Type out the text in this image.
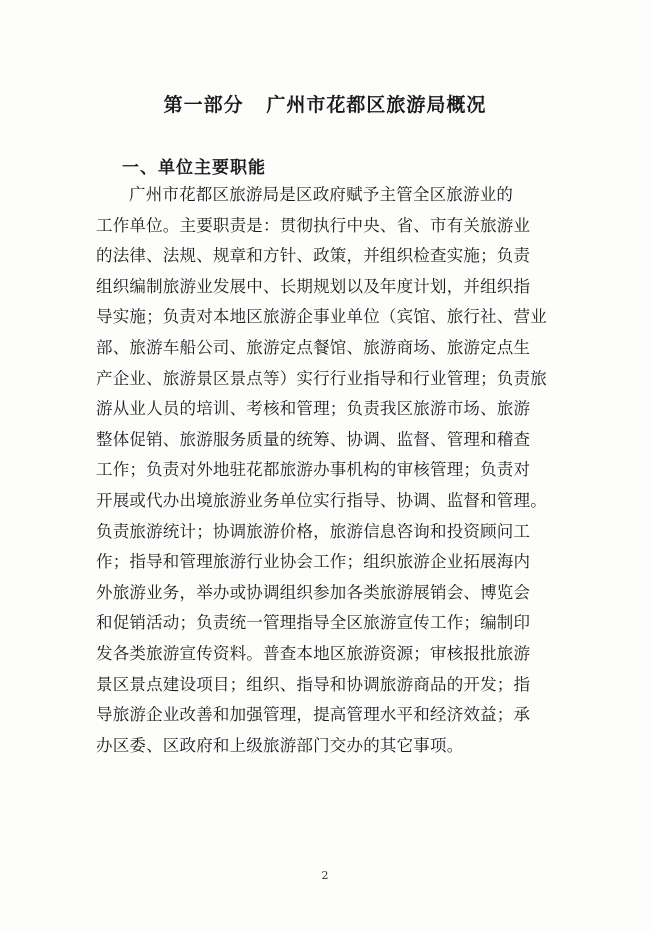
第一部分   广州市花都区旅游局概况
一、单位主要职能
广州市花都区旅游局是区政府赋予主管全区旅游业的
工作单位。主要职责是：贯彻执行中央、省、市有关旅游业
的法律、法规、规章和方针、政策，并组织检查实施；负责
组织编制旅游业发展中、长期规划以及年度计划，并组织指
导实施；负责对本地区旅游企事业单位（宾馆、旅行社、营业
部、旅游车船公司、旅游定点餐馆、旅游商场、旅游定点生
产企业、旅游景区景点等）实行行业指导和行业管理；负责旅
游从业人员的培训、考核和管理；负责我区旅游市场、旅游
整体促销、旅游服务质量的统筹、协调、监督、管理和稽查
工作；负责对外地驻花都旅游办事机构的审核管理；负责对
开展或代办出境旅游业务单位实行指导、协调、监督和管理。
负责旅游统计；协调旅游价格，旅游信息咨询和投资顾问工
作；指导和管理旅游行业协会工作；组织旅游企业拓展海内
外旅游业务，举办或协调组织参加各类旅游展销会、博览会
和促销活动；负责统一管理指导全区旅游宣传工作；编制印
发各类旅游宣传资料。普查本地区旅游资源；审核报批旅游
景区景点建设项目；组织、指导和协调旅游商品的开发；指
导旅游企业改善和加强管理，提高管理水平和经济效益；承
办区委、区政府和上级旅游部门交办的其它事项。
2
